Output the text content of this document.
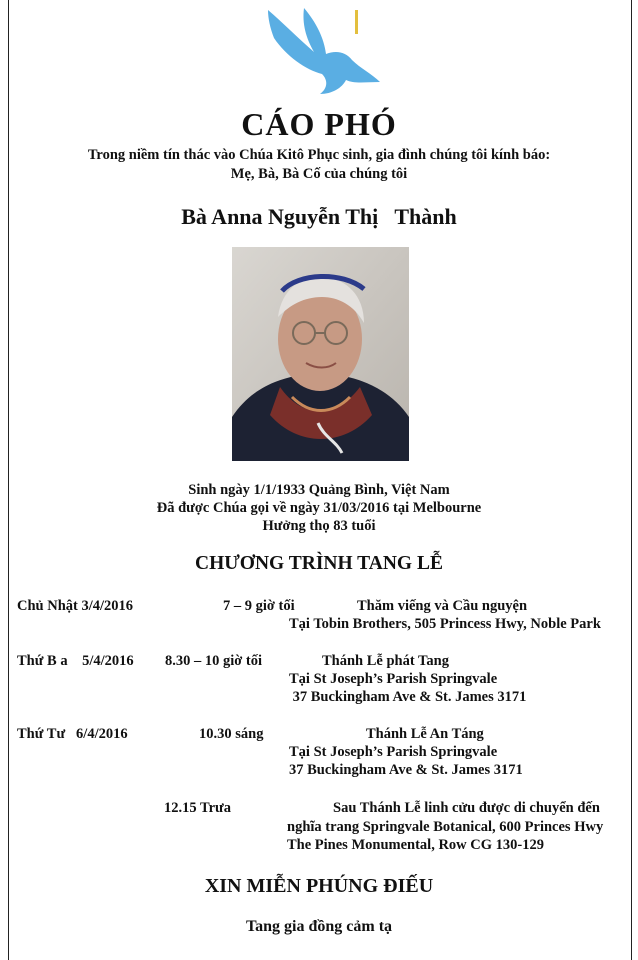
CÁO PHÓ
Trong niềm tín thác vào Chúa Kitô Phục sinh, gia đình chúng tôi kính báo:
Mẹ, Bà, Bà Cố của chúng tôi
Bà Anna Nguyễn Thị   Thành
Sinh ngày 1/1/1933 Quảng Bình, Việt Nam
Đã được Chúa gọi về ngày 31/03/2016 tại Melbourne
Hưởng thọ 83 tuổi
CHƯƠNG TRÌNH TANG LỄ
Chủ Nhật 3/4/2016	7 – 9 giờ tối	Thăm viếng và Cầu nguyện
Tại Tobin Brothers, 505 Princess Hwy, Noble Park
Thứ B a    5/4/2016 8.30 – 10 giờ tối	Thánh Lễ phát Tang
Tại St Joseph’s Parish Springvale
37 Buckingham Ave & St. James 3171
Thứ Tư   6/4/2016	10.30 sáng	Thánh Lễ An Táng
Tại St Joseph’s Parish Springvale
37 Buckingham Ave & St. James 3171
12.15 Trưa	Sau Thánh Lễ linh cửu được di chuyển đến
nghĩa trang Springvale Botanical, 600 Princes Hwy
The Pines Monumental, Row CG 130-129
XIN MIỄN PHÚNG ĐIẾU
Tang gia đồng cảm tạ
